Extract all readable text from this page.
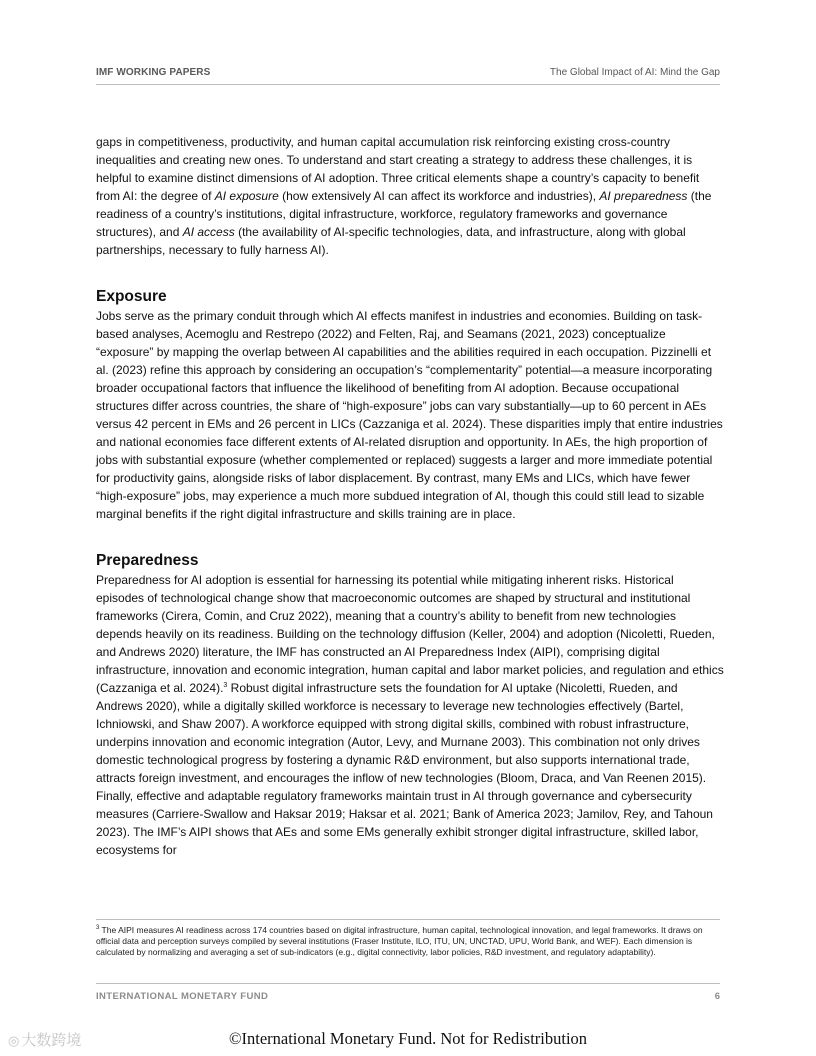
IMF WORKING PAPERS	The Global Impact of AI: Mind the Gap

gaps in competitiveness, productivity, and human capital accumulation risk reinforcing existing cross-country inequalities and creating new ones. To understand and start creating a strategy to address these challenges, it is helpful to examine distinct dimensions of AI adoption. Three critical elements shape a country’s capacity to benefit from AI: the degree of AI exposure (how extensively AI can affect its workforce and industries), AI preparedness (the readiness of a country’s institutions, digital infrastructure, workforce, regulatory frameworks and governance structures), and AI access (the availability of AI-specific technologies, data, and infrastructure, along with global partnerships, necessary to fully harness AI).

Exposure

Jobs serve as the primary conduit through which AI effects manifest in industries and economies. Building on task-based analyses, Acemoglu and Restrepo (2022) and Felten, Raj, and Seamans (2021, 2023) conceptualize “exposure” by mapping the overlap between AI capabilities and the abilities required in each occupation. Pizzinelli et al. (2023) refine this approach by considering an occupation’s “complementarity” potential—a measure incorporating broader occupational factors that influence the likelihood of benefiting from AI adoption. Because occupational structures differ across countries, the share of “high-exposure” jobs can vary substantially—up to 60 percent in AEs versus 42 percent in EMs and 26 percent in LICs (Cazzaniga et al. 2024). These disparities imply that entire industries and national economies face different extents of AI-related disruption and opportunity. In AEs, the high proportion of jobs with substantial exposure (whether complemented or replaced) suggests a larger and more immediate potential for productivity gains, alongside risks of labor displacement. By contrast, many EMs and LICs, which have fewer “high-exposure” jobs, may experience a much more subdued integration of AI, though this could still lead to sizable marginal benefits if the right digital infrastructure and skills training are in place.

Preparedness

Preparedness for AI adoption is essential for harnessing its potential while mitigating inherent risks. Historical episodes of technological change show that macroeconomic outcomes are shaped by structural and institutional frameworks (Cirera, Comin, and Cruz 2022), meaning that a country’s ability to benefit from new technologies depends heavily on its readiness. Building on the technology diffusion (Keller, 2004) and adoption (Nicoletti, Rueden, and Andrews 2020) literature, the IMF has constructed an AI Preparedness Index (AIPI), comprising digital infrastructure, innovation and economic integration, human capital and labor market policies, and regulation and ethics (Cazzaniga et al. 2024).$^3$ Robust digital infrastructure sets the foundation for AI uptake (Nicoletti, Rueden, and Andrews 2020), while a digitally skilled workforce is necessary to leverage new technologies effectively (Bartel, Ichniowski, and Shaw 2007). A workforce equipped with strong digital skills, combined with robust infrastructure, underpins innovation and economic integration (Autor, Levy, and Murnane 2003). This combination not only drives domestic technological progress by fostering a dynamic R&D environment, but also supports international trade, attracts foreign investment, and encourages the inflow of new technologies (Bloom, Draca, and Van Reenen 2015). Finally, effective and adaptable regulatory frameworks maintain trust in AI through governance and cybersecurity measures (Carriere-Swallow and Haksar 2019; Haksar et al. 2021; Bank of America 2023; Jamilov, Rey, and Tahoun 2023). The IMF’s AIPI shows that AEs and some EMs generally exhibit stronger digital infrastructure, skilled labor, ecosystems for

$^3$ The AIPI measures AI readiness across 174 countries based on digital infrastructure, human capital, technological innovation, and legal frameworks. It draws on official data and perception surveys compiled by several institutions (Fraser Institute, ILO, ITU, UN, UNCTAD, UPU, World Bank, and WEF). Each dimension is calculated by normalizing and averaging a set of sub-indicators (e.g., digital connectivity, labor policies, R&D investment, and regulatory adaptability).

INTERNATIONAL MONETARY FUND	6
◎ 大数跨境	©International Monetary Fund. Not for Redistribution
